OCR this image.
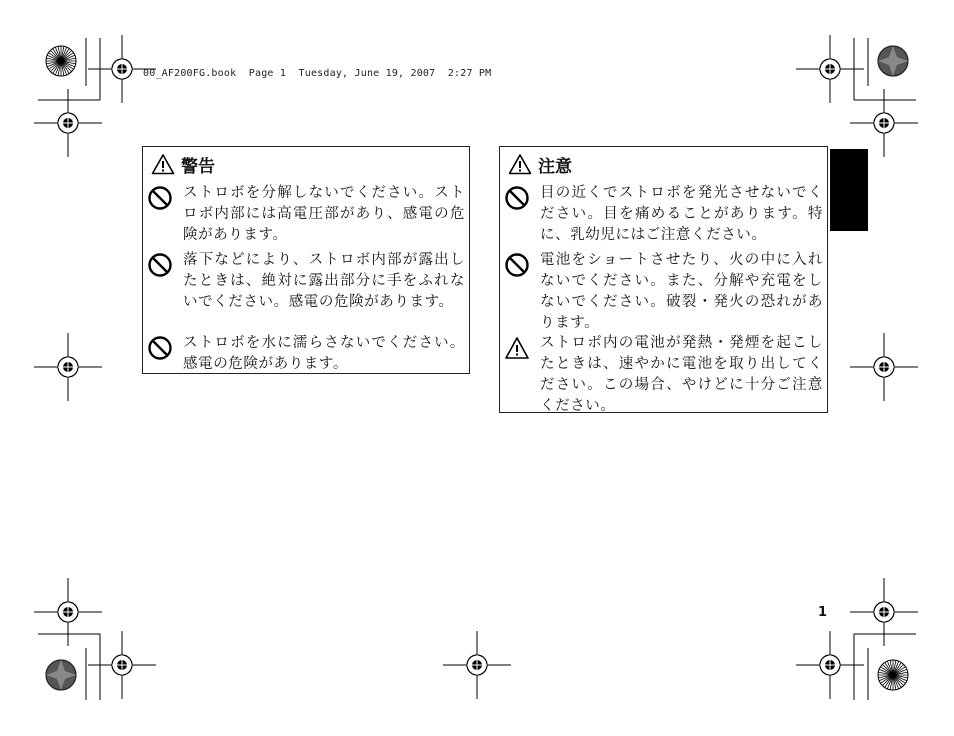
00_AF200FG.book  Page 1  Tuesday, June 19, 2007  2:27 PM
警告
ストロボを分解しないでください。ストロボ内部には高電圧部があり、感電の危険があります。
落下などにより、ストロボ内部が露出したときは、絶対に露出部分に手をふれないでください。感電の危険があります。
ストロボを水に濡らさないでください。感電の危険があります。
注意
目の近くでストロボを発光させないでください。目を痛めることがあります。特に、乳幼児にはご注意ください。
電池をショートさせたり、火の中に入れないでください。また、分解や充電をしないでください。破裂・発火の恐れがあります。
ストロボ内の電池が発熱・発煙を起こしたときは、速やかに電池を取り出してください。この場合、やけどに十分ご注意ください。
1
